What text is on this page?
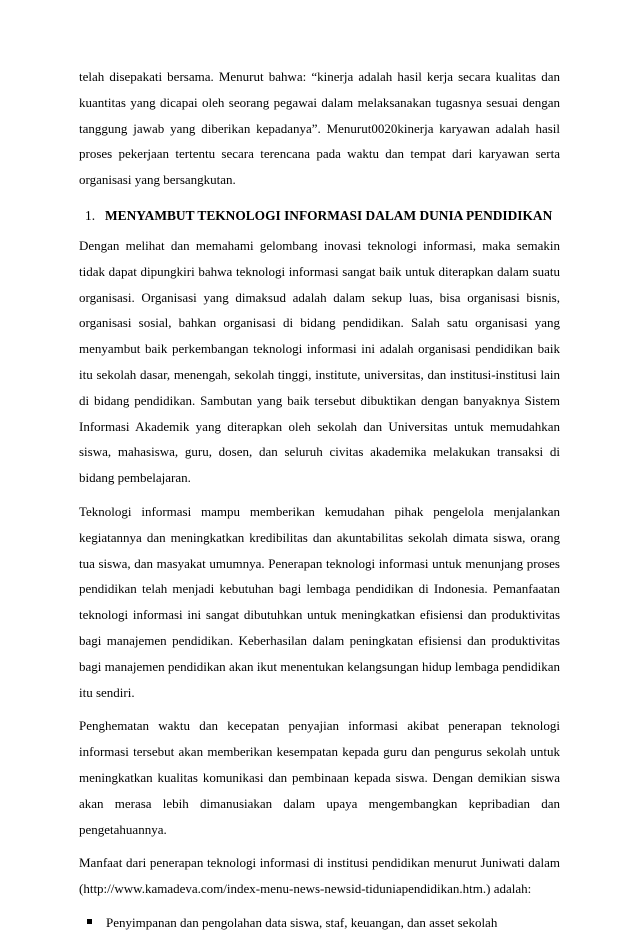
telah disepakati bersama. Menurut bahwa: “kinerja adalah hasil kerja secara kualitas dan kuantitas yang dicapai oleh seorang pegawai dalam melaksanakan tugasnya sesuai dengan tanggung jawab yang diberikan kepadanya”. Menurut0020kinerja karyawan adalah hasil proses pekerjaan tertentu secara terencana pada waktu dan tempat dari karyawan serta organisasi yang bersangkutan.

1. MENYAMBUT TEKNOLOGI INFORMASI DALAM DUNIA PENDIDIKAN

Dengan melihat dan memahami gelombang inovasi teknologi informasi, maka semakin tidak dapat dipungkiri bahwa teknologi informasi sangat baik untuk diterapkan dalam suatu organisasi. Organisasi yang dimaksud adalah dalam sekup luas, bisa organisasi bisnis, organisasi sosial, bahkan organisasi di bidang pendidikan. Salah satu organisasi yang menyambut baik perkembangan teknologi informasi ini adalah organisasi pendidikan baik itu sekolah dasar, menengah, sekolah tinggi, institute, universitas, dan institusi-institusi lain di bidang pendidikan. Sambutan yang baik tersebut dibuktikan dengan banyaknya Sistem Informasi Akademik yang diterapkan oleh sekolah dan Universitas untuk memudahkan siswa, mahasiswa, guru, dosen, dan seluruh civitas akademika melakukan transaksi di bidang pembelajaran.

Teknologi informasi mampu memberikan kemudahan pihak pengelola menjalankan kegiatannya dan meningkatkan kredibilitas dan akuntabilitas sekolah dimata siswa, orang tua siswa, dan masyakat umumnya. Penerapan teknologi informasi untuk menunjang proses pendidikan telah menjadi kebutuhan bagi lembaga pendidikan di Indonesia. Pemanfaatan teknologi informasi ini sangat dibutuhkan untuk meningkatkan efisiensi dan produktivitas bagi manajemen pendidikan. Keberhasilan dalam peningkatan efisiensi dan produktivitas bagi manajemen pendidikan akan ikut menentukan kelangsungan hidup lembaga pendidikan itu sendiri.

Penghematan waktu dan kecepatan penyajian informasi akibat penerapan teknologi informasi tersebut akan memberikan kesempatan kepada guru dan pengurus sekolah untuk meningkatkan kualitas komunikasi dan pembinaan kepada siswa. Dengan demikian siswa akan merasa lebih dimanusiakan dalam upaya mengembangkan kepribadian dan pengetahuannya.

Manfaat dari penerapan teknologi informasi di institusi pendidikan menurut Juniwati dalam (http://www.kamadeva.com/index-menu-news-newsid-tiduniapendidikan.htm.) adalah:

Penyimpanan dan pengolahan data siswa, staf, keuangan, dan asset sekolah
